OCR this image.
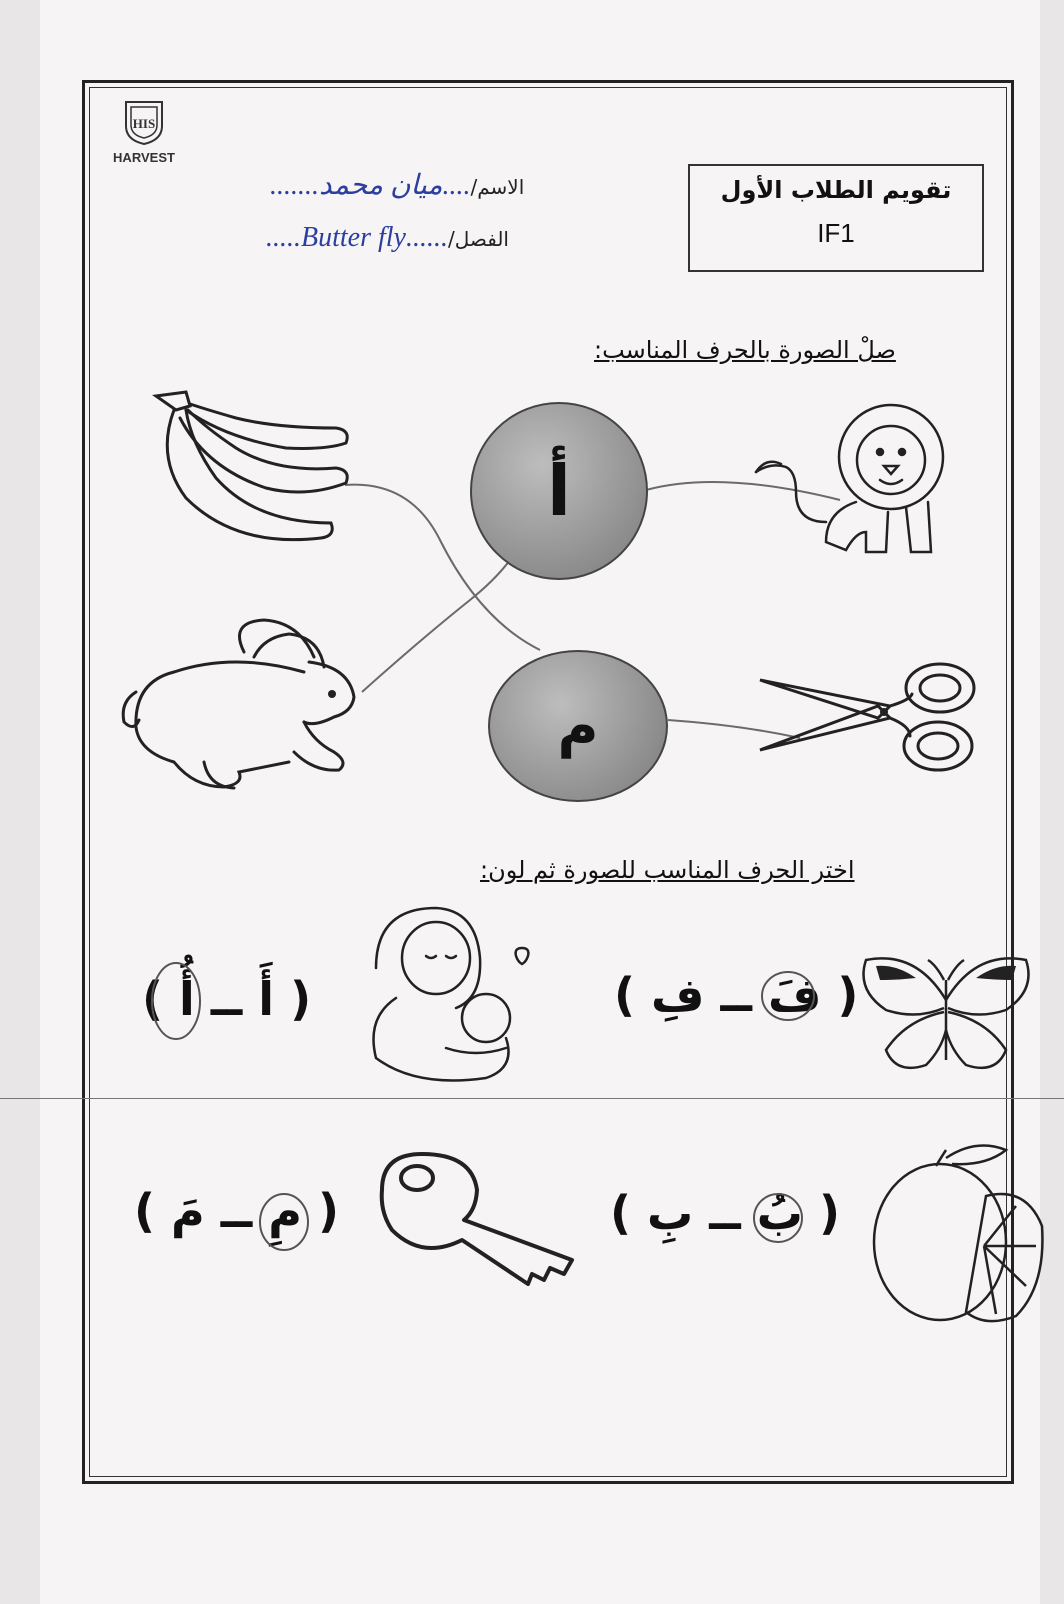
HIS
HARVEST
تقويم الطلاب الأول
IF1
الاسم/....ميان محمد.......
الفصل/......Butter fly.....
صلْ الصورة بالحرف المناسب:
أ
م
اختر الحرف المناسب للصورة ثم لون:
( أَ ــ أُ )	( فَ ــ فِ )
( مِ ــ مَ )	( بُ ــ بِ )
